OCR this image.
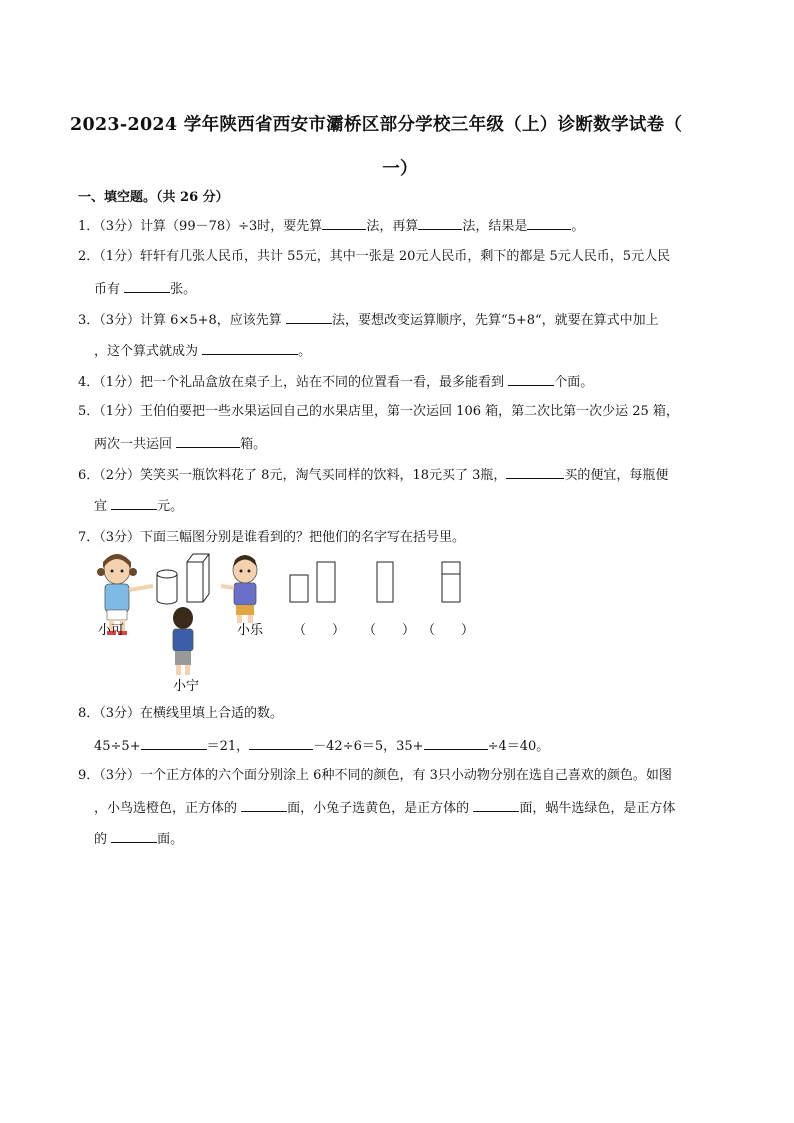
2023-2024 学年陕西省西安市灞桥区部分学校三年级（上）诊断数学试卷（
一）
一、填空题。（共 26 分）
1．（3分）计算（99－78）÷3时，要先算	法，再算	法，结果是	。
2．（1分）轩轩有几张人民币，共计 55元，其中一张是 20元人民币，剩下的都是 5元人民币，5元人民
币有	张。
3．（3分）计算 6×5+8，应该先算	法，要想改变运算顺序，先算“5+8“，就要在算式中加上
，这个算式就成为	。
4．（1分）把一个礼品盒放在桌子上，站在不同的位置看一看，最多能看到	个面。
5．（1分）王伯伯要把一些水果运回自己的水果店里，第一次运回 106 箱，第二次比第一次少运 25 箱，
两次一共运回	箱。
6．（2分）笑笑买一瓶饮料花了 8元，淘气买同样的饮料，18元买了 3瓶，	买的便宜，每瓶便
宜	元。
7．（3分）下面三幅图分别是谁看到的？把他们的名字写在括号里。
小可	小乐
小宁
（　　） （　　） （　　）
8．（3分）在横线里填上合适的数。
45÷5+	＝21，	－42÷6＝5，35+	÷4＝40。
9．（3分）一个正方体的六个面分别涂上 6种不同的颜色，有 3只小动物分别在选自己喜欢的颜色。如图
，小鸟选橙色，正方体的	面，小兔子选黄色，是正方体的	面，蜗牛选绿色，是正方体
的	面。
